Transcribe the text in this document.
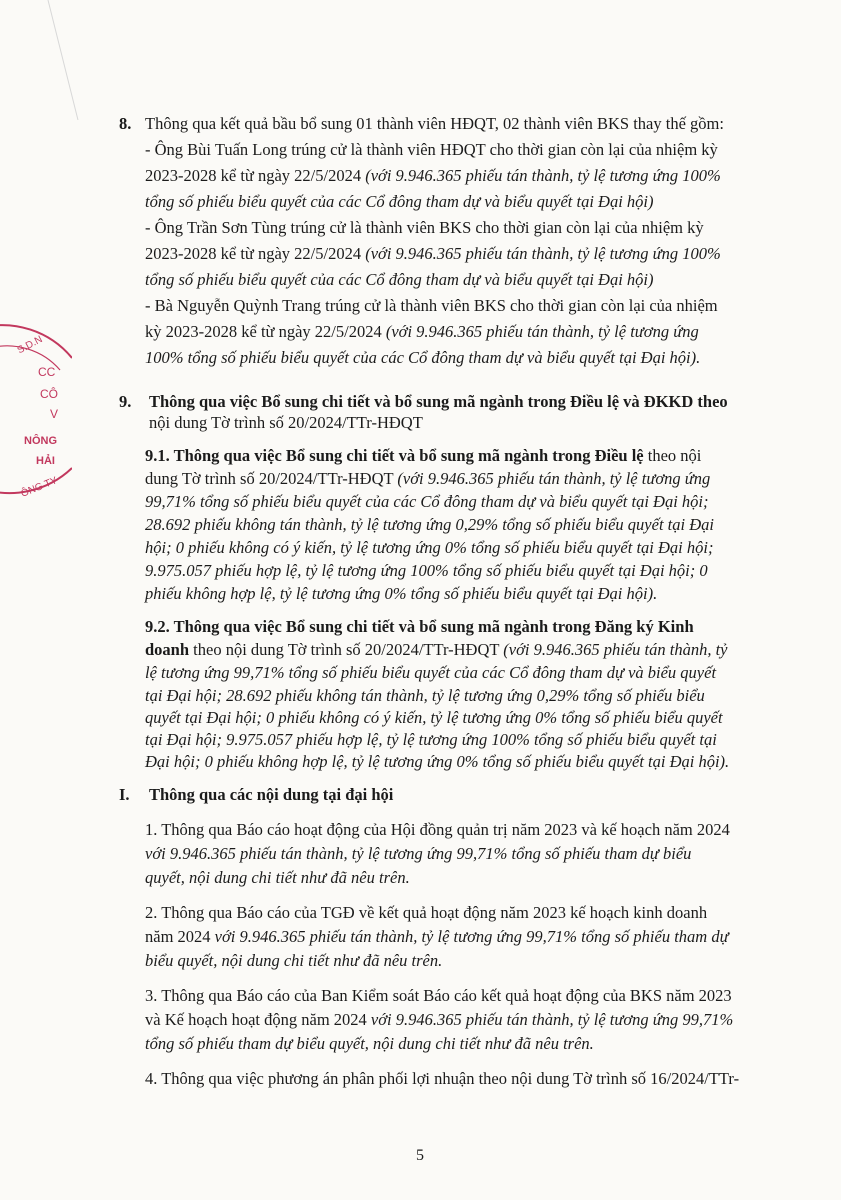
S.D.N
CC
CÔ
V
NÔNG
HẢI
ÔNG TY
8. Thông qua kết quả bầu bổ sung 01 thành viên HĐQT, 02 thành viên BKS thay thế gồm:
- Ông Bùi Tuấn Long trúng cử là thành viên HĐQT cho thời gian còn lại của nhiệm kỳ
2023-2028 kể từ ngày 22/5/2024 (với 9.946.365 phiếu tán thành, tỷ lệ tương ứng 100%
tổng số phiếu biểu quyết của các Cổ đông tham dự và biểu quyết tại Đại hội)
- Ông Trần Sơn Tùng trúng cử là thành viên BKS cho thời gian còn lại của nhiệm kỳ
2023-2028 kể từ ngày 22/5/2024 (với 9.946.365 phiếu tán thành, tỷ lệ tương ứng 100%
tổng số phiếu biểu quyết của các Cổ đông tham dự và biểu quyết tại Đại hội)
- Bà Nguyễn Quỳnh Trang trúng cử là thành viên BKS cho thời gian còn lại của nhiệm
kỳ 2023-2028 kể từ ngày 22/5/2024 (với 9.946.365 phiếu tán thành, tỷ lệ tương ứng
100% tổng số phiếu biểu quyết của các Cổ đông tham dự và biểu quyết tại Đại hội).
9. Thông qua việc Bổ sung chi tiết và bổ sung mã ngành trong Điều lệ và ĐKKD theo
nội dung Tờ trình số 20/2024/TTr-HĐQT
9.1. Thông qua việc Bổ sung chi tiết và bổ sung mã ngành trong Điều lệ theo nội
dung Tờ trình số 20/2024/TTr-HĐQT (với 9.946.365 phiếu tán thành, tỷ lệ tương ứng
99,71% tổng số phiếu biểu quyết của các Cổ đông tham dự và biểu quyết tại Đại hội;
28.692 phiếu không tán thành, tỷ lệ tương ứng 0,29% tổng số phiếu biểu quyết tại Đại
hội; 0 phiếu không có ý kiến, tỷ lệ tương ứng 0% tổng số phiếu biểu quyết tại Đại hội;
9.975.057 phiếu hợp lệ, tỷ lệ tương ứng 100% tổng số phiếu biểu quyết tại Đại hội; 0
phiếu không hợp lệ, tỷ lệ tương ứng 0% tổng số phiếu biểu quyết tại Đại hội).
9.2. Thông qua việc Bổ sung chi tiết và bổ sung mã ngành trong Đăng ký Kinh
doanh theo nội dung Tờ trình số 20/2024/TTr-HĐQT (với 9.946.365 phiếu tán thành, tỷ
lệ tương ứng 99,71% tổng số phiếu biểu quyết của các Cổ đông tham dự và biểu quyết
tại Đại hội; 28.692 phiếu không tán thành, tỷ lệ tương ứng 0,29% tổng số phiếu biểu
quyết tại Đại hội; 0 phiếu không có ý kiến, tỷ lệ tương ứng 0% tổng số phiếu biểu quyết
tại Đại hội; 9.975.057 phiếu hợp lệ, tỷ lệ tương ứng 100% tổng số phiếu biểu quyết tại
Đại hội; 0 phiếu không hợp lệ, tỷ lệ tương ứng 0% tổng số phiếu biểu quyết tại Đại hội).
I. Thông qua các nội dung tại đại hội
1. Thông qua Báo cáo hoạt động của Hội đồng quản trị năm 2023 và kế hoạch năm 2024
với 9.946.365 phiếu tán thành, tỷ lệ tương ứng 99,71% tổng số phiếu tham dự biểu
quyết, nội dung chi tiết như đã nêu trên.
2. Thông qua Báo cáo của TGĐ về kết quả hoạt động năm 2023 kế hoạch kinh doanh
năm 2024 với 9.946.365 phiếu tán thành, tỷ lệ tương ứng 99,71% tổng số phiếu tham dự
biểu quyết, nội dung chi tiết như đã nêu trên.
3. Thông qua Báo cáo của Ban Kiểm soát Báo cáo kết quả hoạt động của BKS năm 2023
và Kế hoạch hoạt động năm 2024 với 9.946.365 phiếu tán thành, tỷ lệ tương ứng 99,71%
tổng số phiếu tham dự biểu quyết, nội dung chi tiết như đã nêu trên.
4. Thông qua việc phương án phân phối lợi nhuận theo nội dung Tờ trình số 16/2024/TTr-
5
